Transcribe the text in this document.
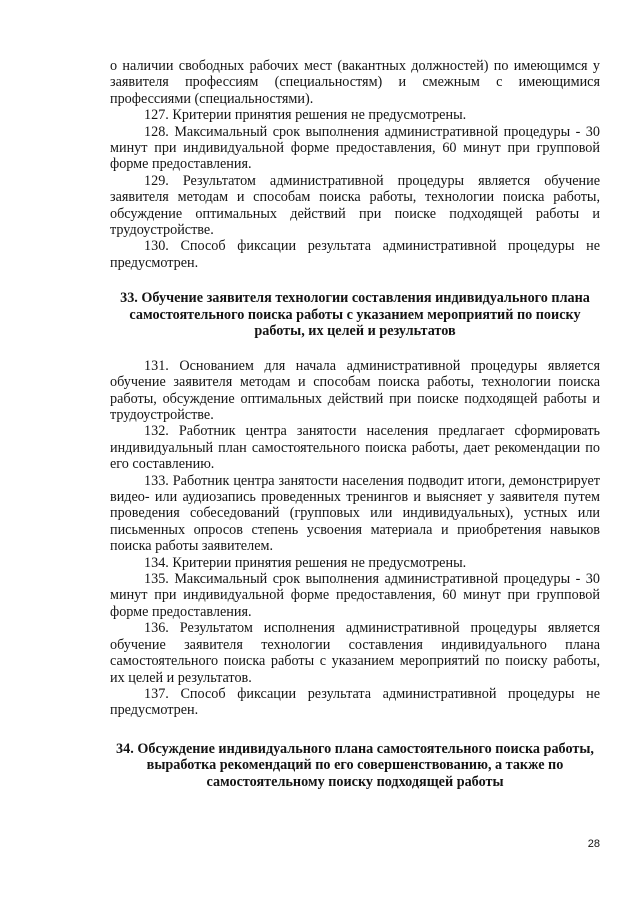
о наличии свободных рабочих мест (вакантных должностей) по имеющимся у заявителя профессиям (специальностям) и смежным с имеющимися профессиями (специальностями).

127. Критерии принятия решения не предусмотрены.

128. Максимальный срок выполнения административной процедуры - 30 минут при индивидуальной форме предоставления, 60 минут при групповой форме предоставления.

129. Результатом административной процедуры является обучение заявителя методам и способам поиска работы, технологии поиска работы, обсуждение оптимальных действий при поиске подходящей работы и трудоустройстве.

130. Способ фиксации результата административной процедуры не предусмотрен.

33. Обучение заявителя технологии составления индивидуального плана самостоятельного поиска работы с указанием мероприятий по поиску работы, их целей и результатов

131. Основанием для начала административной процедуры является обучение заявителя методам и способам поиска работы, технологии поиска работы, обсуждение оптимальных действий при поиске подходящей работы и трудоустройстве.

132. Работник центра занятости населения предлагает сформировать индивидуальный план самостоятельного поиска работы, дает рекомендации по его составлению.

133. Работник центра занятости населения подводит итоги, демонстрирует видео- или аудиозапись проведенных тренингов и выясняет у заявителя путем проведения собеседований (групповых или индивидуальных), устных или письменных опросов степень усвоения материала и приобретения навыков поиска работы заявителем.

134. Критерии принятия решения не предусмотрены.

135. Максимальный срок выполнения административной процедуры - 30 минут при индивидуальной форме предоставления, 60 минут при групповой форме предоставления.

136. Результатом исполнения административной процедуры является обучение заявителя технологии составления индивидуального плана самостоятельного поиска работы с указанием мероприятий по поиску работы, их целей и результатов.

137. Способ фиксации результата административной процедуры не предусмотрен.

34. Обсуждение индивидуального плана самостоятельного поиска работы, выработка рекомендаций по его совершенствованию, а также по самостоятельному поиску подходящей работы

28
